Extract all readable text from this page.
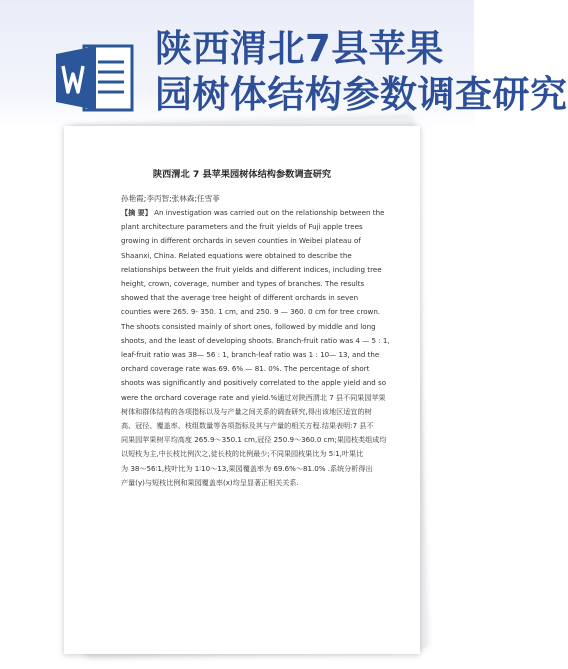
陕西渭北7县苹果
园树体结构参数调查研究
陕西渭北 7 县苹果园树体结构参数调查研究
孙艳霞;李丙智;张林森;任雪菲
【摘 要】 An investigation was carried out on the relationship between the
plant architecture parameters and the fruit yields of Fuji apple trees
growing in different orchards in seven counties in Weibei plateau of
Shaanxi, China. Related equations were obtained to describe the
relationships between the fruit yields and different indices, including tree
height, crown, coverage, number and types of branches. The results
showed that the average tree height of different orchards in seven
counties were 265. 9- 350. 1 cm, and 250. 9 — 360. 0 cm for tree crown.
The shoots consisted mainly of short ones, followed by middle and long
shoots, and the least of developing shoots. Branch-fruit ratio was 4 — 5 : 1,
leaf-fruit ratio was 38— 56 : 1, branch-leaf ratio was 1 : 10— 13, and the
orchard coverage rate was 69. 6% — 81. 0%. The percentage of short
shoots was significantly and positively correlated to the apple yield and so
were the orchard coverage rate and yield.%通过对陕西渭北 7 县不同果园苹果
树体和群体结构的各项指标以及与产量之间关系的调查研究,得出该地区适宜的树
高、冠径、覆盖率、枝组数量等各项指标及其与产量的相关方程.结果表明:7 县不
同果园苹果树平均高度 265.9～350.1 cm,冠径 250.9～360.0 cm;果园枝类组成均
以短枝为主,中长枝比例次之,徒长枝的比例最少;不同果园枝果比为 5∶1,叶果比
为 38～56∶1,枝叶比为 1∶10～13,果园覆盖率为 69.6%～81.0% .系统分析得出
产量(y)与短枝比例和果园覆盖率(x)均呈显著正相关关系.
